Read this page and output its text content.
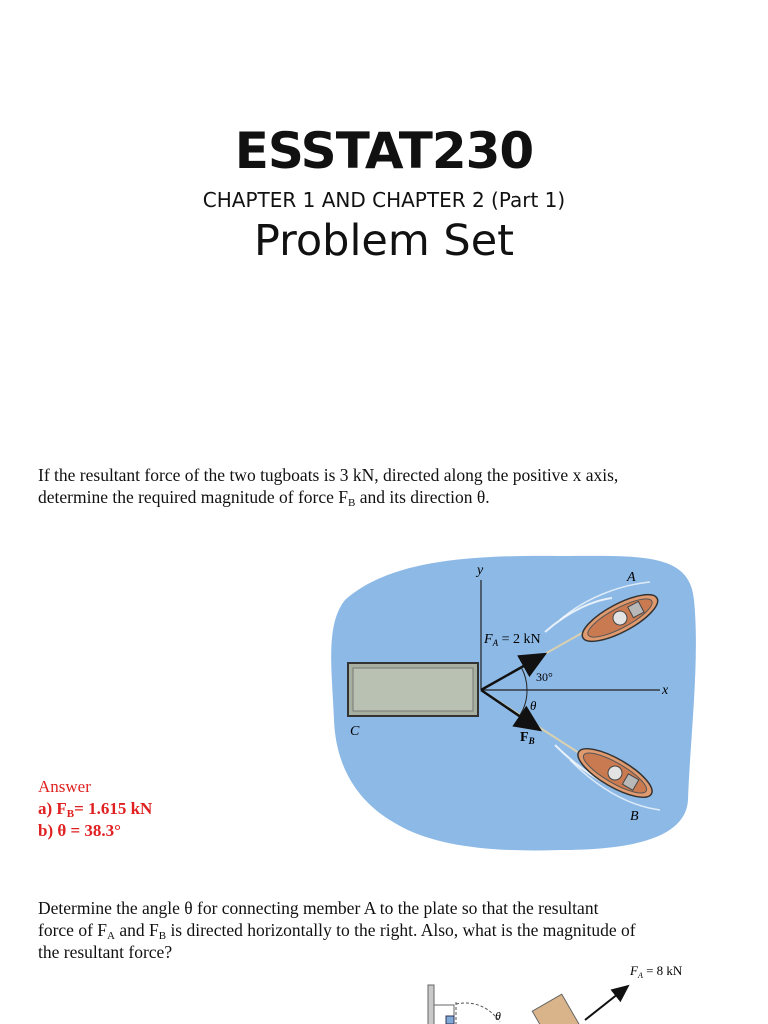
ESSTAT230
CHAPTER 1 AND CHAPTER 2 (Part 1)
Problem Set

If the resultant force of the two tugboats is 3 kN, directed along the positive x axis,
determine the required magnitude of force $F_B$ and its direction θ.

y
x
$F_A = 2$ kN
30°
θ
$F_B$
C
A
B
θ
$F_A = 8$ kN
Answer
a) $F_B= 1.615$ kN
b) θ = 38.3°

Determine the angle θ for connecting member A to the plate so that the resultant
force of $F_A$ and $F_B$ is directed horizontally to the right. Also, what is the magnitude of
the resultant force?
